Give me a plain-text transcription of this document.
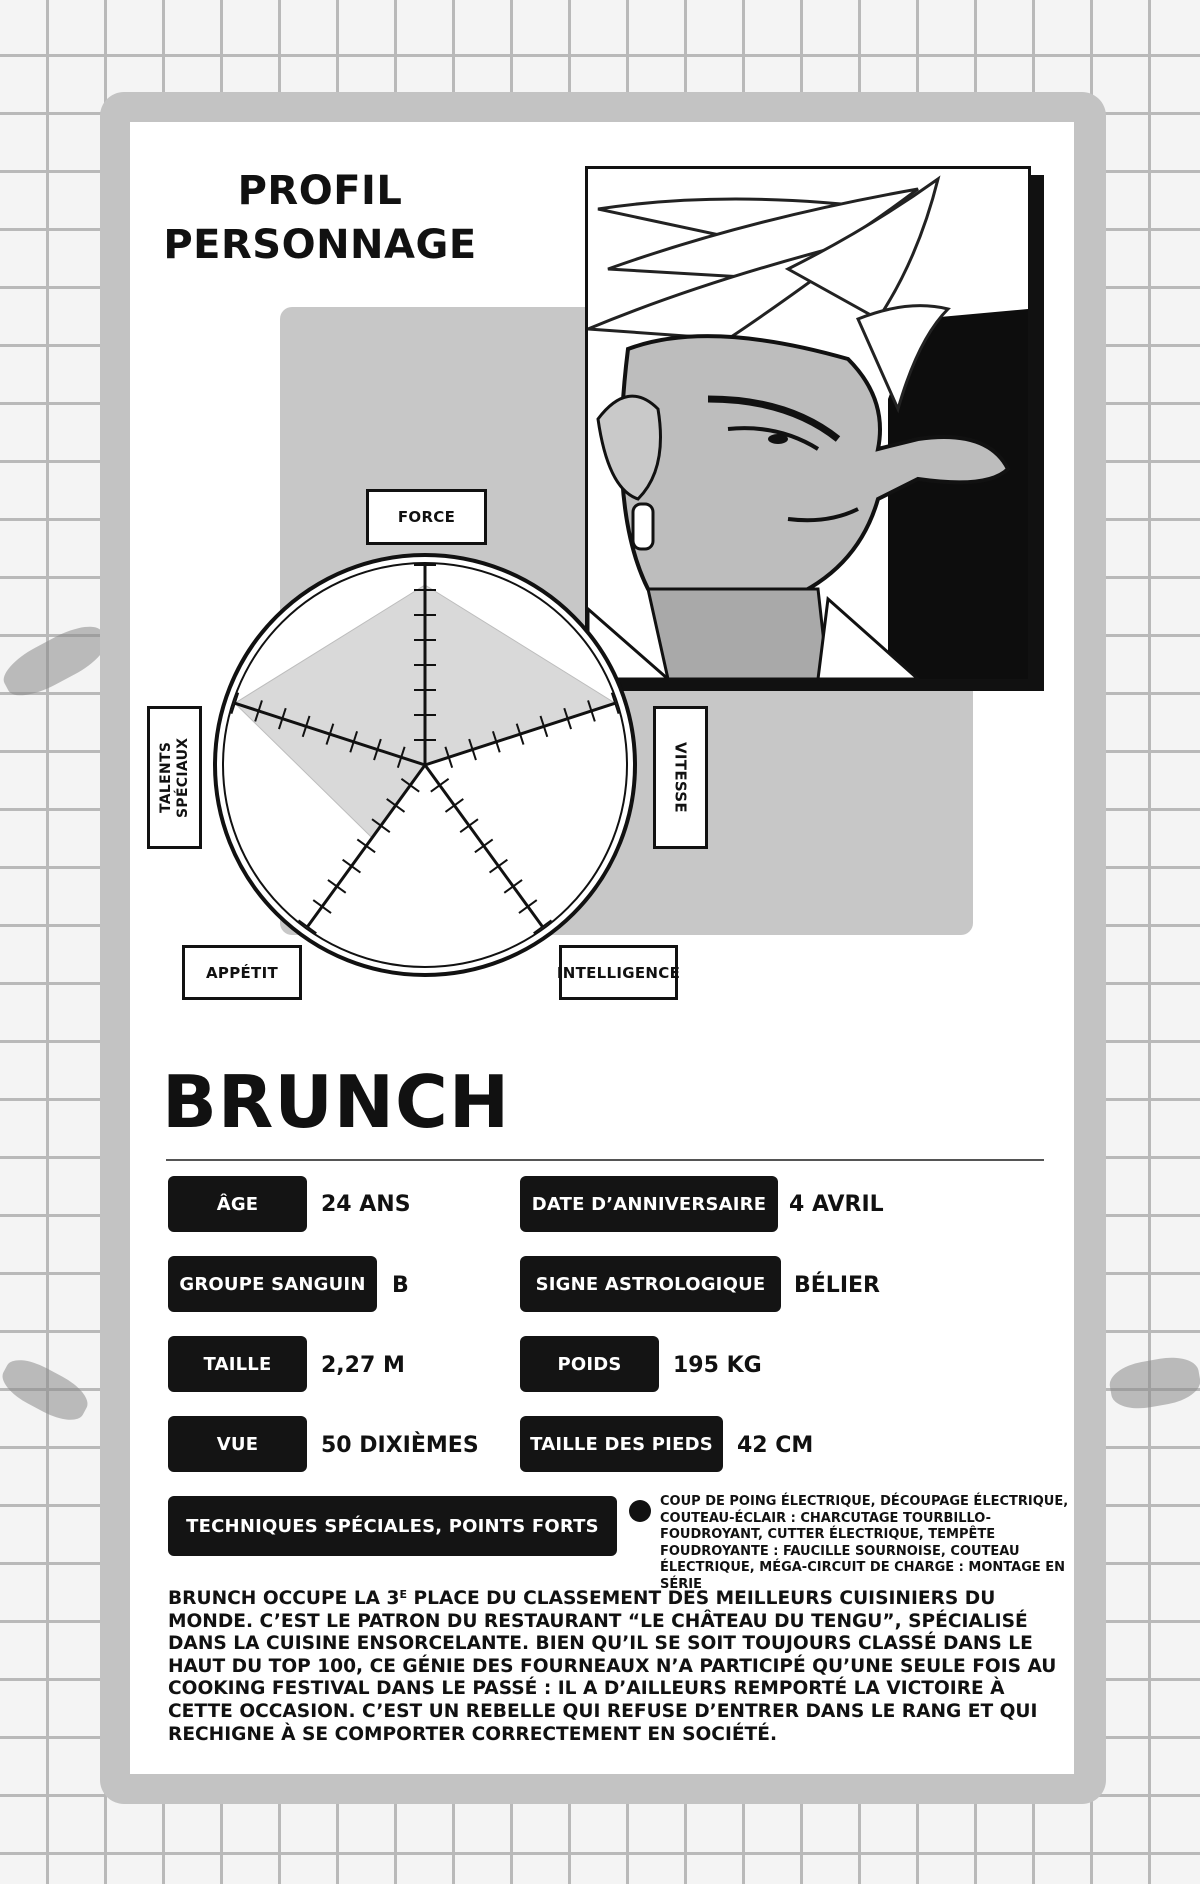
PROFIL
PERSONNAGE
FORCE
VITESSE
INTELLIGENCE
APPÉTIT
TALENTS SPÉCIAUX
BRUNCH
ÂGE	24 ANS	DATE D’ANNIVERSAIRE	4 AVRIL
GROUPE SANGUIN	B	SIGNE ASTROLOGIQUE	BÉLIER
TAILLE	2,27 M	POIDS	195 KG
VUE	50 DIXIÈMES	TAILLE DES PIEDS	42 CM
TECHNIQUES SPÉCIALES, POINTS FORTS
COUP DE POING ÉLECTRIQUE, DÉCOUPAGE ÉLECTRIQUE, COUTEAU-ÉCLAIR : CHARCUTAGE TOURBILLO-FOUDROYANT, CUTTER ÉLECTRIQUE, TEMPÊTE FOUDROYANTE : FAUCILLE SOURNOISE, COUTEAU ÉLECTRIQUE, MÉGA-CIRCUIT DE CHARGE : MONTAGE EN SÉRIE
BRUNCH OCCUPE LA $3^E$ PLACE DU CLASSEMENT DES MEILLEURS CUISINIERS DU MONDE. C’EST LE PATRON DU RESTAURANT “LE CHÂTEAU DU TENGU”, SPÉCIALISÉ DANS LA CUISINE ENSORCELANTE. BIEN QU’IL SE SOIT TOUJOURS CLASSÉ DANS LE HAUT DU TOP 100, CE GÉNIE DES FOURNEAUX N’A PARTICIPÉ QU’UNE SEULE FOIS AU COOKING FESTIVAL DANS LE PASSÉ : IL A D’AILLEURS REMPORTÉ LA VICTOIRE À CETTE OCCASION. C’EST UN REBELLE QUI REFUSE D’ENTRER DANS LE RANG ET QUI RECHIGNE À SE COMPORTER CORRECTEMENT EN SOCIÉTÉ.
